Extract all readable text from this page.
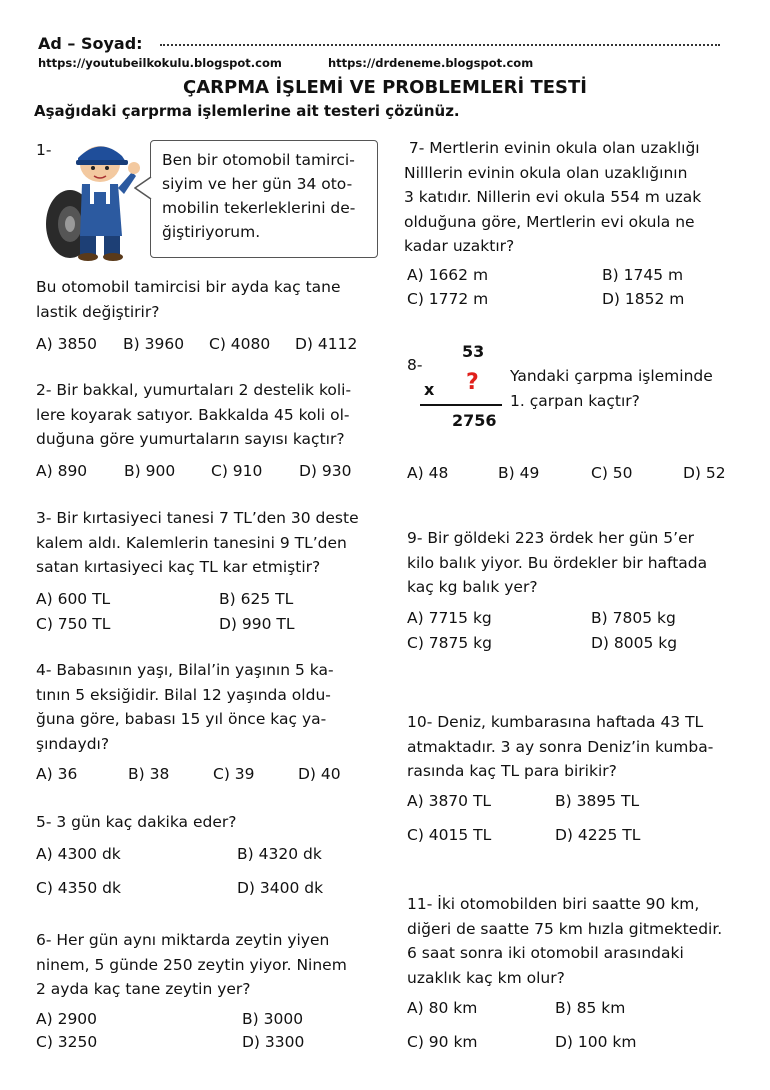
Ad – Soyad:
https://youtubeilkokulu.blogspot.com	https://drdeneme.blogspot.com
ÇARPMA İŞLEMİ VE PROBLEMLERİ TESTİ
Aşağıdaki çarprma işlemlerine ait testeri çözünüz.
1-
Ben bir otomobil tamirci-
siyim ve her gün 34 oto-
mobilin tekerleklerini de-
ğiştiriyorum.
Bu otomobil tamircisi bir ayda kaç tane
lastik değiştirir?
A) 3850 B) 3960 C) 4080 D) 4112
2- Bir bakkal, yumurtaları 2 destelik koli-
lere koyarak satıyor. Bakkalda 45 koli ol-
duğuna göre yumurtaların sayısı kaçtır?
A) 890 B) 900 C) 910 D) 930
3- Bir kırtasiyeci tanesi 7 TL’den 30 deste
kalem aldı. Kalemlerin tanesini 9 TL’den
satan kırtasiyeci kaç TL kar etmiştir?
A) 600 TL	B) 625 TL
C) 750 TL	D) 990 TL
4- Babasının yaşı, Bilal’in yaşının 5 ka-
tının 5 eksiğidir. Bilal 12 yaşında oldu-
ğuna göre, babası 15 yıl önce kaç ya-
şındaydı?
A) 36	B) 38	C) 39	D) 40
5- 3 gün kaç dakika eder?
A) 4300 dk	B) 4320 dk
C) 4350 dk	D) 3400 dk
6- Her gün aynı miktarda zeytin yiyen
ninem, 5 günde 250 zeytin yiyor. Ninem
2 ayda kaç tane zeytin yer?
A) 2900	B) 3000
C) 3250	D) 3300
7- Mertlerin evinin okula olan uzaklığı
Nilllerin evinin okula olan uzaklığının
3 katıdır. Nillerin evi okula 554 m uzak
olduğuna göre, Mertlerin evi okula ne
kadar uzaktır?
A) 1662 m	B) 1745 m
C) 1772 m	D) 1852 m
8-
53
x ?
2756
Yandaki çarpma işleminde
1. çarpan kaçtır?
A) 48	B) 49	C) 50	D) 52
9- Bir göldeki 223 ördek her gün 5’er
kilo balık yiyor. Bu ördekler bir haftada
kaç kg balık yer?
A) 7715 kg	B) 7805 kg
C) 7875 kg	D) 8005 kg
10- Deniz, kumbarasına haftada 43 TL
atmaktadır. 3 ay sonra Deniz’in kumba-
rasında kaç TL para birikir?
A) 3870 TL	B) 3895 TL
C) 4015 TL	D) 4225 TL
11- İki otomobilden biri saatte 90 km,
diğeri de saatte 75 km hızla gitmektedir.
6 saat sonra iki otomobil arasındaki
uzaklık kaç km olur?
A) 80 km	B) 85 km
C) 90 km	D) 100 km
